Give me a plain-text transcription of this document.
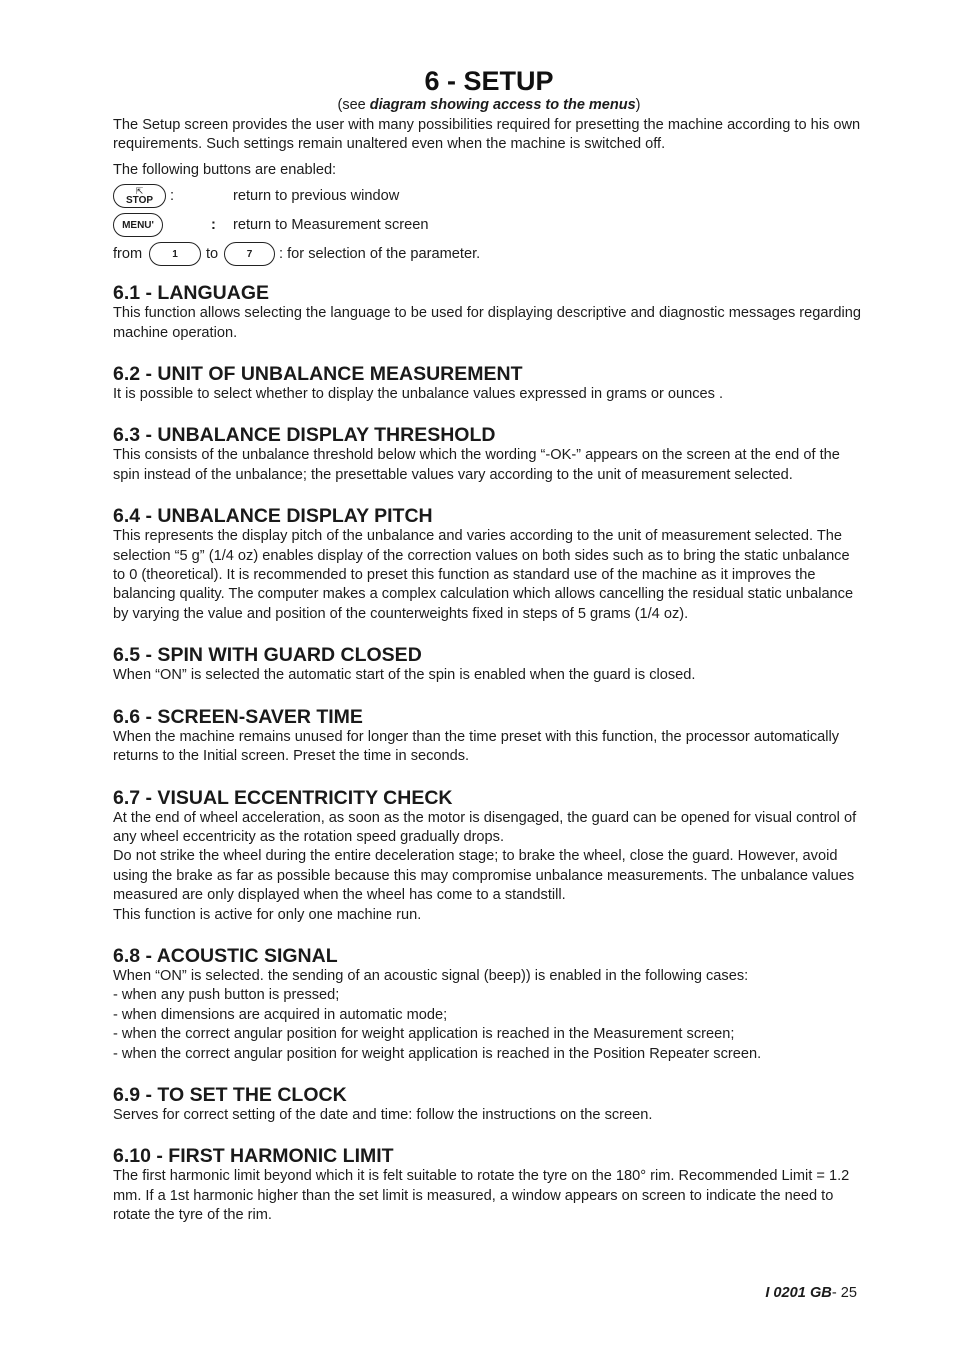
6 - SETUP
(see diagram showing access to the menus)

The Setup screen provides the user with many possibilities required for presetting the machine according to his own requirements. Such settings remain unaltered even when the machine is switched off.

The following buttons are enabled:

⇱
STOP :	return to previous window
MENU'	: return to Measurement screen
from	1 to	7 : for selection of the parameter.
6.1 - LANGUAGE

This function allows selecting the language to be used for displaying descriptive and diagnostic messages regarding machine operation.

6.2 - UNIT OF UNBALANCE MEASUREMENT

It is possible to select whether to display the unbalance values expressed in grams or ounces .

6.3 - UNBALANCE DISPLAY THRESHOLD

This consists of the unbalance threshold below which the wording “-OK-” appears on the screen at the end of the spin instead of the unbalance; the presettable values vary according to the unit of measurement selected.

6.4 - UNBALANCE DISPLAY PITCH

This represents the display pitch of the unbalance and varies according to the unit of measurement selected. The selection “5 g” (1/4 oz) enables display of the correction values on both sides such as to bring the static unbalance to 0 (theoretical). It is recommended to preset this function as standard use of the machine as it improves the balancing quality. The computer makes a complex calculation which allows cancelling the residual static unbalance by varying the value and position of the counterweights fixed in steps of 5 grams (1/4 oz).

6.5 - SPIN WITH GUARD CLOSED

When “ON” is selected the automatic start of the spin is enabled when the guard is closed.

6.6 - SCREEN-SAVER TIME

When the machine remains unused for longer than the time preset with this function, the processor automatically returns to the Initial screen. Preset the time in seconds.

6.7 - VISUAL ECCENTRICITY CHECK

At the end of wheel acceleration, as soon as the motor is disengaged, the guard can be opened for visual control of any wheel eccentricity as the rotation speed gradually drops.

Do not strike the wheel during the entire deceleration stage; to brake the wheel, close the guard. However, avoid using the brake as far as possible because this may compromise unbalance measurements. The unbalance values measured are only displayed when the wheel has come to a standstill.

This function is active for only one machine run.

6.8 - ACOUSTIC SIGNAL

When “ON” is selected. the sending of an acoustic signal (beep)) is enabled in the following cases:

- when any push button is pressed;

- when dimensions are acquired in automatic mode;

- when the correct angular position for weight application is reached in the Measurement screen;

- when the correct angular position for weight application is reached in the Position Repeater screen.

6.9 - TO SET THE CLOCK

Serves for correct setting of the date and time: follow the instructions on the screen.

6.10 - FIRST HARMONIC LIMIT

The first harmonic limit beyond which it is felt suitable to rotate the tyre on the 180° rim. Recommended Limit = 1.2 mm. If a 1st harmonic higher than the set limit is measured, a window appears on screen to indicate the need to rotate the tyre of the rim.

I 0201 GB- 25
